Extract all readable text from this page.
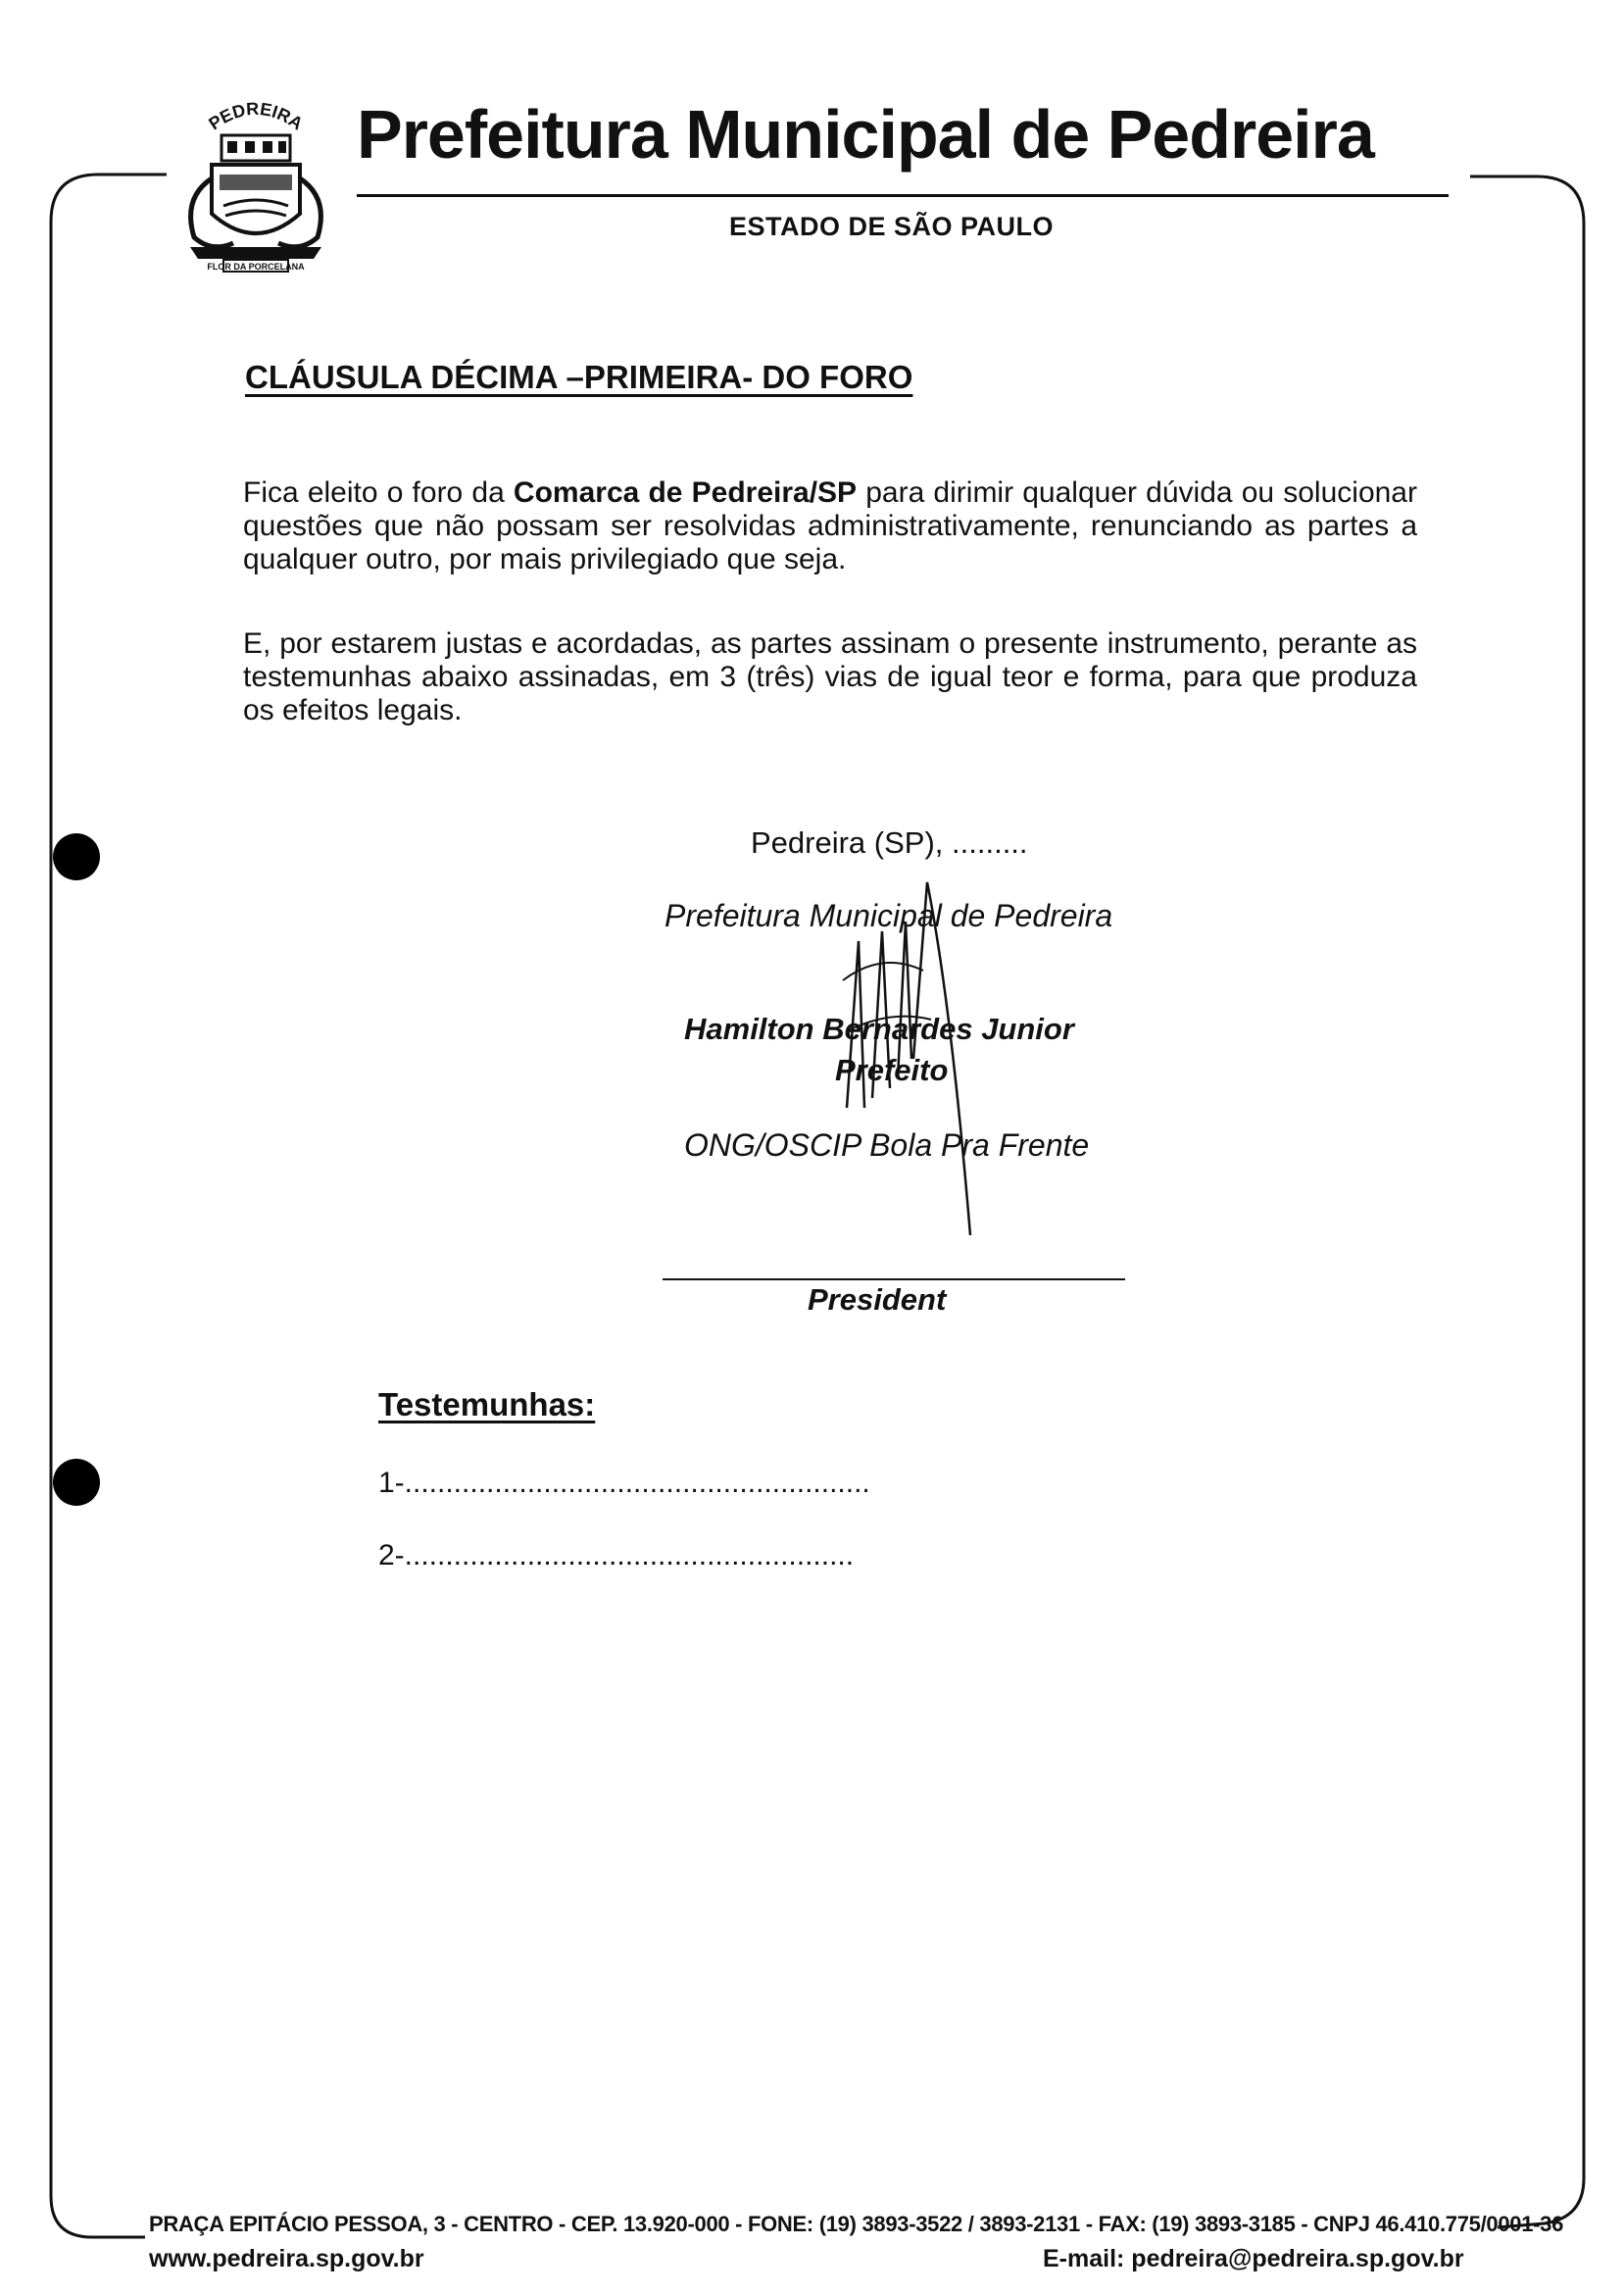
PEDREIRA
FLOR DA PORCELANA
Prefeitura Municipal de Pedreira
ESTADO DE SÃO PAULO
CLÁUSULA DÉCIMA –PRIMEIRA- DO FORO
Fica eleito o foro da Comarca de Pedreira/SP para dirimir qualquer dúvida ou solucionar questões que não possam ser resolvidas administrativamente, renunciando as partes a qualquer outro, por mais privilegiado que seja.
E, por estarem justas e acordadas, as partes assinam o presente instrumento, perante as testemunhas abaixo assinadas, em 3 (três) vias de igual teor e forma, para que produza os efeitos legais.
Pedreira (SP), .........
Prefeitura Municipal de Pedreira
Hamilton Bernardes Junior
Prefeito
ONG/OSCIP Bola Pra Frente
President
Testemunhas:
1-.........................................................
2-.......................................................
PRAÇA EPITÁCIO PESSOA, 3 - CENTRO - CEP. 13.920-000 - FONE: (19) 3893-3522 / 3893-2131 - FAX: (19) 3893-3185 - CNPJ 46.410.775/0001-36
www.pedreira.sp.gov.br	E-mail: pedreira@pedreira.sp.gov.br
